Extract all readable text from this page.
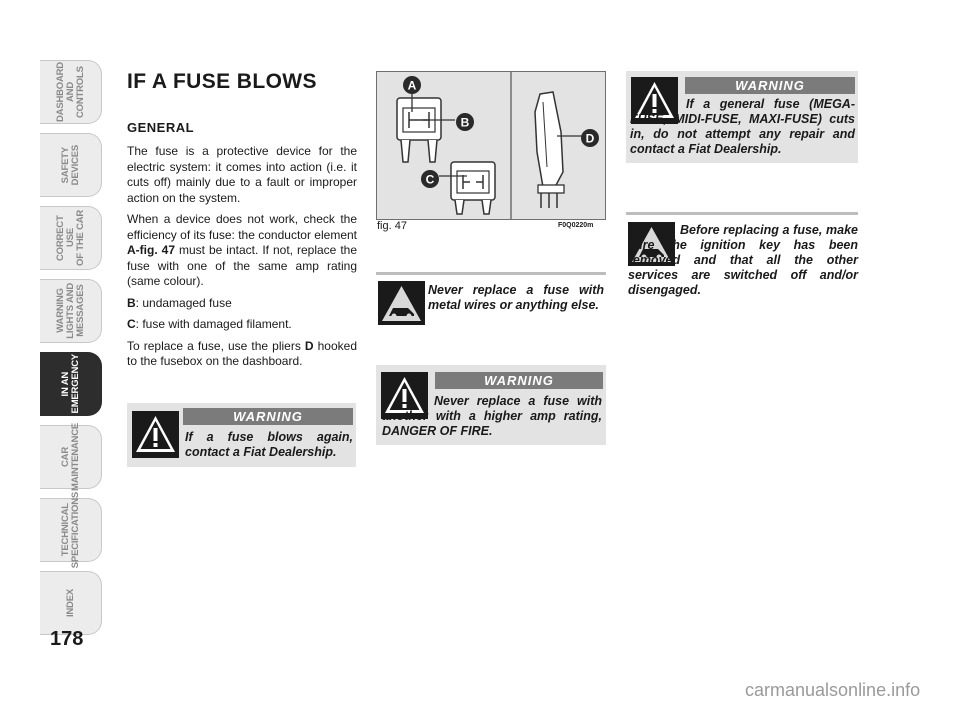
DASHBOARD
AND CONTROLS
SAFETY
DEVICES
CORRECT USE
OF THE CAR
WARNING
LIGHTS AND
MESSAGES
IN AN
EMERGENCY
CAR
MAINTENANCE
TECHNICAL
SPECIFICATIONS
INDEX
178
IF A FUSE BLOWS
GENERAL

The fuse is a protective device for the electric system: it comes into action (i.e. it cuts off) mainly due to a fault or improper action on the system.

When a device does not work, check the efficiency of its fuse: the conductor element A-fig. 47 must be intact. If not, replace the fuse with one of the same amp rating (same colour).

B: undamaged fuse

C: fuse with damaged filament.

To replace a fuse, use the pliers D hooked to the fusebox on the dashboard.

WARNING
If a fuse blows again, contact a Fiat Dealership.
A
B
C
D
fig. 47	F0Q0220m
Never replace a fuse with metal wires or anything else.
WARNING
Never replace a fuse with another with a higher amp rating, DANGER OF FIRE.
WARNING
If a general fuse (MEGA-FUSE, MIDI-FUSE, MAXI-FUSE) cuts in, do not attempt any repair and contact a Fiat Dealership.
Before replacing a fuse, make sure the ignition key has been removed and that all the other services are switched off and/or disengaged.
carmanualsonline.info
